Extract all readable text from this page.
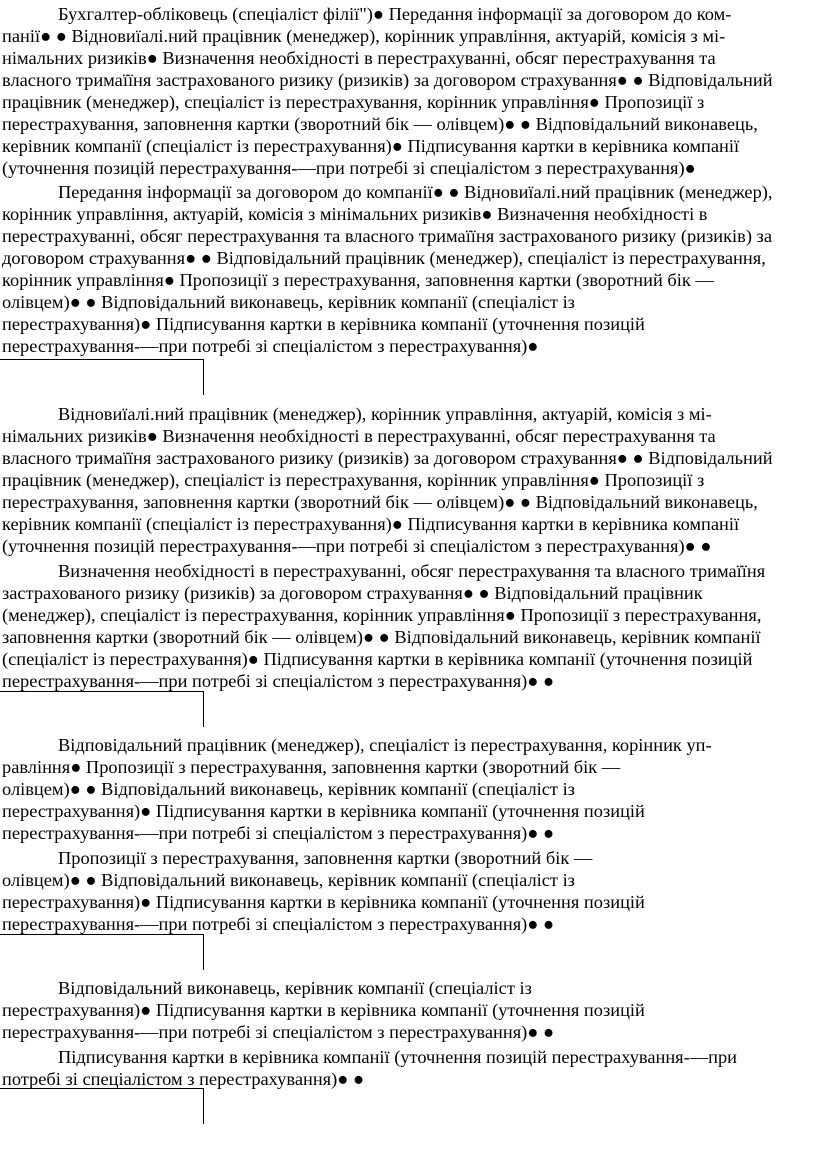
Бухгалтер-обліковець (спеціаліст філії")● Передання інформації за договором до ком-
панії● ● Відновиїалі.ний працівник (менеджер), корінник управління, актуарій, комісія з мі-
німальних ризиків● Визначення необхідності в перестрахуванні, обсяг перестрахування та
власного тримаїїня застрахованого ризику (ризиків) за договором страхування● ● Відповідальний
працівник (менеджер), спеціаліст із перестрахування, корінник управління● Пропозиції з
перестрахування, заповнення картки (зворотний бік — олівцем)● ● Відповідальний виконавець,
керівник компанії (спеціаліст із перестрахування)● Підписування картки в керівника компанії
(уточнення позицій перестрахування-—при потребі зі спеціалістом з перестрахування)●
Передання інформації за договором до компанії● ● Відновиїалі.ний працівник (менеджер),
корінник управління, актуарій, комісія з мінімальних ризиків● Визначення необхідності в
перестрахуванні, обсяг перестрахування та власного тримаїїня застрахованого ризику (ризиків) за
договором страхування● ● Відповідальний працівник (менеджер), спеціаліст із перестрахування,
корінник управління● Пропозиції з перестрахування, заповнення картки (зворотний бік —
олівцем)● ● Відповідальний виконавець, керівник компанії (спеціаліст із
перестрахування)● Підписування картки в керівника компанії (уточнення позицій
перестрахування-—при потребі зі спеціалістом з перестрахування)●
Відновиїалі.ний працівник (менеджер), корінник управління, актуарій, комісія з мі-
німальних ризиків● Визначення необхідності в перестрахуванні, обсяг перестрахування та
власного тримаїїня застрахованого ризику (ризиків) за договором страхування● ● Відповідальний
працівник (менеджер), спеціаліст із перестрахування, корінник управління● Пропозиції з
перестрахування, заповнення картки (зворотний бік — олівцем)● ● Відповідальний виконавець,
керівник компанії (спеціаліст із перестрахування)● Підписування картки в керівника компанії
(уточнення позицій перестрахування-—при потребі зі спеціалістом з перестрахування)● ●
Визначення необхідності в перестрахуванні, обсяг перестрахування та власного тримаїїня
застрахованого ризику (ризиків) за договором страхування● ● Відповідальний працівник
(менеджер), спеціаліст із перестрахування, корінник управління● Пропозиції з перестрахування,
заповнення картки (зворотний бік — олівцем)● ● Відповідальний виконавець, керівник компанії
(спеціаліст із перестрахування)● Підписування картки в керівника компанії (уточнення позицій
перестрахування-—при потребі зі спеціалістом з перестрахування)● ●
Відповідальний працівник (менеджер), спеціаліст із перестрахування, корінник уп-
равління● Пропозиції з перестрахування, заповнення картки (зворотний бік —
олівцем)● ● Відповідальний виконавець, керівник компанії (спеціаліст із
перестрахування)● Підписування картки в керівника компанії (уточнення позицій
перестрахування-—при потребі зі спеціалістом з перестрахування)● ●
Пропозиції з перестрахування, заповнення картки (зворотний бік —
олівцем)● ● Відповідальний виконавець, керівник компанії (спеціаліст із
перестрахування)● Підписування картки в керівника компанії (уточнення позицій
перестрахування-—при потребі зі спеціалістом з перестрахування)● ●
Відповідальний виконавець, керівник компанії (спеціаліст із
перестрахування)● Підписування картки в керівника компанії (уточнення позицій
перестрахування-—при потребі зі спеціалістом з перестрахування)● ●
Підписування картки в керівника компанії (уточнення позицій перестрахування-—при
потребі зі спеціалістом з перестрахування)● ●
